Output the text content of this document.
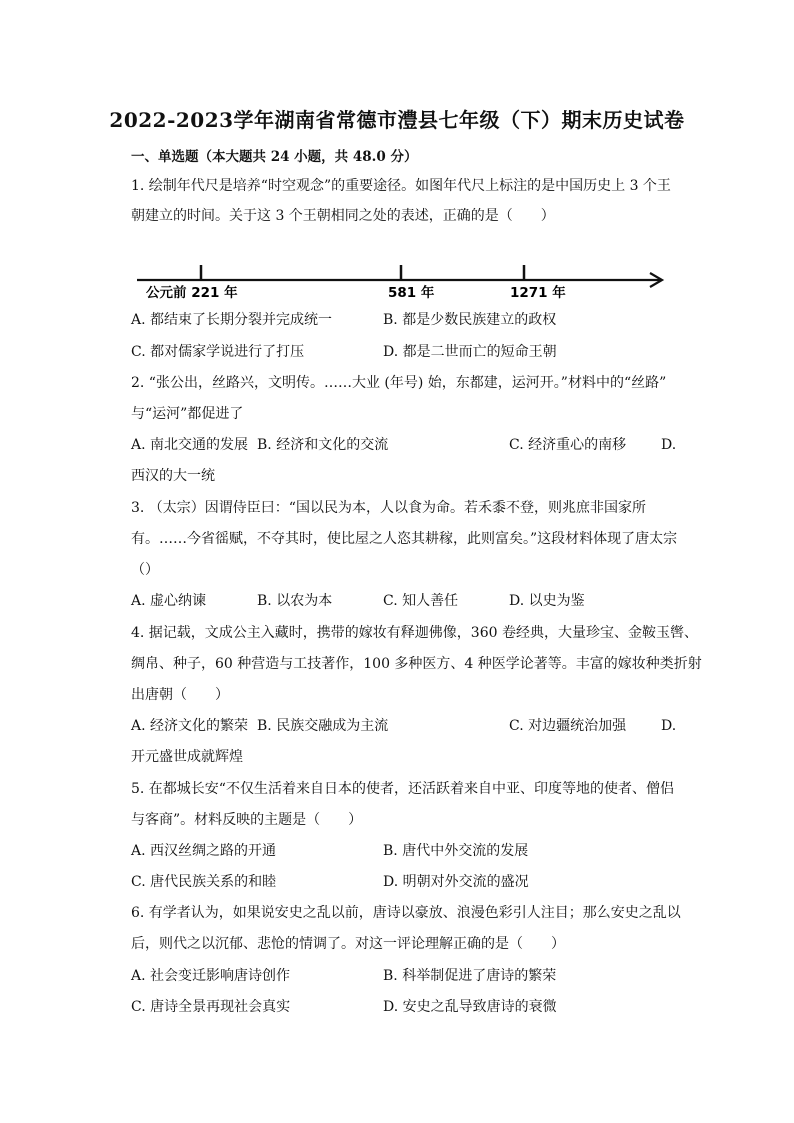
2022-2023学年湖南省常德市澧县七年级（下）期末历史试卷
一、单选题（本大题共 24 小题，共 48.0 分）
1. 绘制年代尺是培养“时空观念”的重要途径。如图年代尺上标注的是中国历史上 3 个王
朝建立的时间。关于这 3 个王朝相同之处的表述，正确的是（　　）
公元前 221 年	581 年	1271 年
A. 都结束了长期分裂并完成统一	B. 都是少数民族建立的政权
C. 都对儒家学说进行了打压	D. 都是二世而亡的短命王朝
2. “张公出，丝路兴，文明传。……大业 (年号) 始，东都建，运河开。”材料中的“丝路”
与“运河”都促进了
A. 南北交通的发展 B. 经济和文化的交流	C. 经济重心的南移 D.
西汉的大一统
3. （太宗）因谓侍臣曰：“国以民为本，人以食为命。若禾黍不登，则兆庶非国家所
有。……今省徭赋，不夺其时，使比屋之人恣其耕稼，此则富矣。”这段材料体现了唐太宗
（）
A. 虚心纳谏	B. 以农为本	C. 知人善任	D. 以史为鉴
4. 据记载，文成公主入藏时，携带的嫁妆有释迦佛像，360 卷经典，大量珍宝、金鞍玉辔、
绸帛、种子，60 种营造与工技著作，100 多种医方、4 种医学论著等。丰富的嫁妆种类折射
出唐朝（　　）
A. 经济文化的繁荣 B. 民族交融成为主流	C. 对边疆统治加强 D.
开元盛世成就辉煌
5. 在都城长安“不仅生活着来自日本的使者，还活跃着来自中亚、印度等地的使者、僧侣
与客商”。材料反映的主题是（　　）
A. 西汉丝绸之路的开通	B. 唐代中外交流的发展
C. 唐代民族关系的和睦	D. 明朝对外交流的盛况
6. 有学者认为，如果说安史之乱以前，唐诗以豪放、浪漫色彩引人注目；那么安史之乱以
后，则代之以沉郁、悲怆的情调了。对这一评论理解正确的是（　　）
A. 社会变迁影响唐诗创作	B. 科举制促进了唐诗的繁荣
C. 唐诗全景再现社会真实	D. 安史之乱导致唐诗的衰微
